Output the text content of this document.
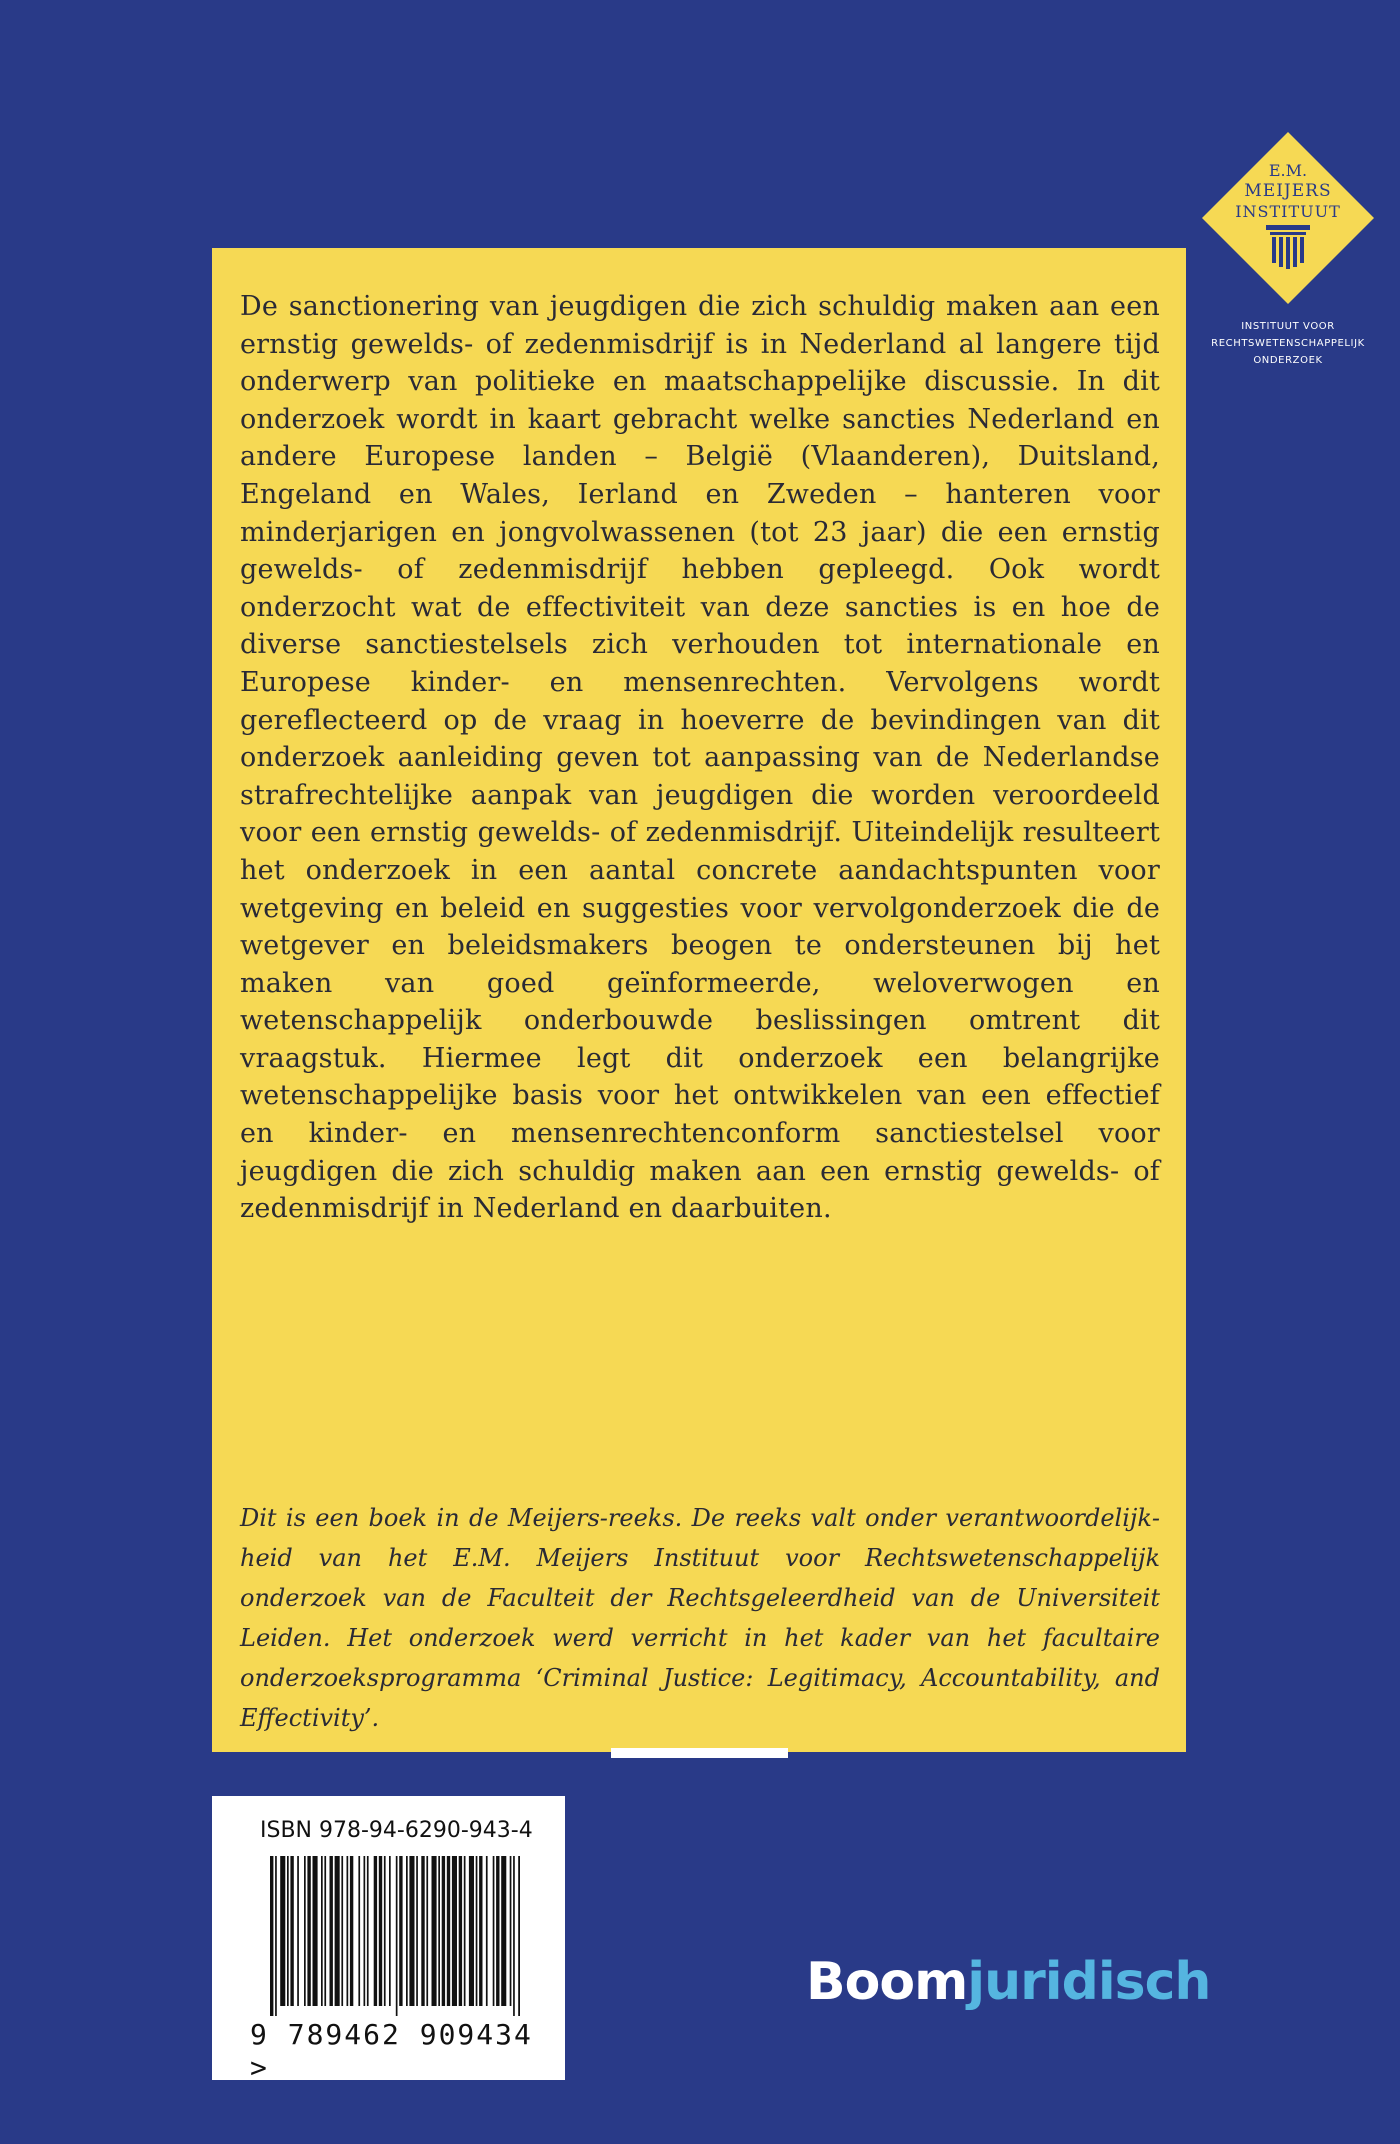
E.M.
MEIJERS
INSTITUUT
INSTITUUT VOOR
RECHTSWETENSCHAPPELIJK
ONDERZOEK

De sanctionering van jeugdigen die zich schuldig maken aan een ernstig gewelds- of zedenmisdrijf is in Nederland al langere tijd onderwerp van politieke en maatschappelijke discussie. In dit onderzoek wordt in kaart gebracht welke sancties Nederland en andere Europese landen – België (Vlaanderen), Duitsland, Engeland en Wales, Ierland en Zweden – hanteren voor minderjarigen en jongvolwassenen (tot 23 jaar) die een ernstig gewelds- of zedenmisdrijf hebben gepleegd. Ook wordt onderzocht wat de effectiviteit van deze sancties is en hoe de diverse sanctiestelsels zich verhouden tot internationale en Europese kinder- en mensenrechten. Vervolgens wordt gereflecteerd op de vraag in hoeverre de bevindingen van dit onderzoek aanleiding geven tot aanpassing van de Nederlandse strafrechtelijke aanpak van jeugdigen die worden veroordeeld voor een ernstig gewelds- of zedenmisdrijf. Uiteindelijk resulteert het onderzoek in een aantal concrete aandachtspunten voor wetgeving en beleid en suggesties voor vervolgonderzoek die de wetgever en beleidsmakers beogen te ondersteunen bij het maken van goed geïnformeerde, weloverwogen en wetenschappelijk onderbouwde beslissingen omtrent dit vraagstuk. Hiermee legt dit onderzoek een belangrijke wetenschappelijke basis voor het ontwikkelen van een effectief en kinder- en mensenrechtenconform sanctiestelsel voor jeugdigen die zich schuldig maken aan een ernstig gewelds- of zedenmisdrijf in Nederland en daarbuiten.

Dit is een boek in de Meijers-reeks. De reeks valt onder verantwoordelijkheid van het E.M. Meijers Instituut voor Rechtswetenschappelijk onderzoek van de Faculteit der Rechtsgeleerdheid van de Universiteit Leiden. Het onderzoek werd verricht in het kader van het facultaire onderzoeksprogramma ‘Criminal Justice: Legitimacy, Accountability, and Effectivity’.

ISBN 978-94-6290-943-4
9 789462 909434 >
Boomjuridisch
